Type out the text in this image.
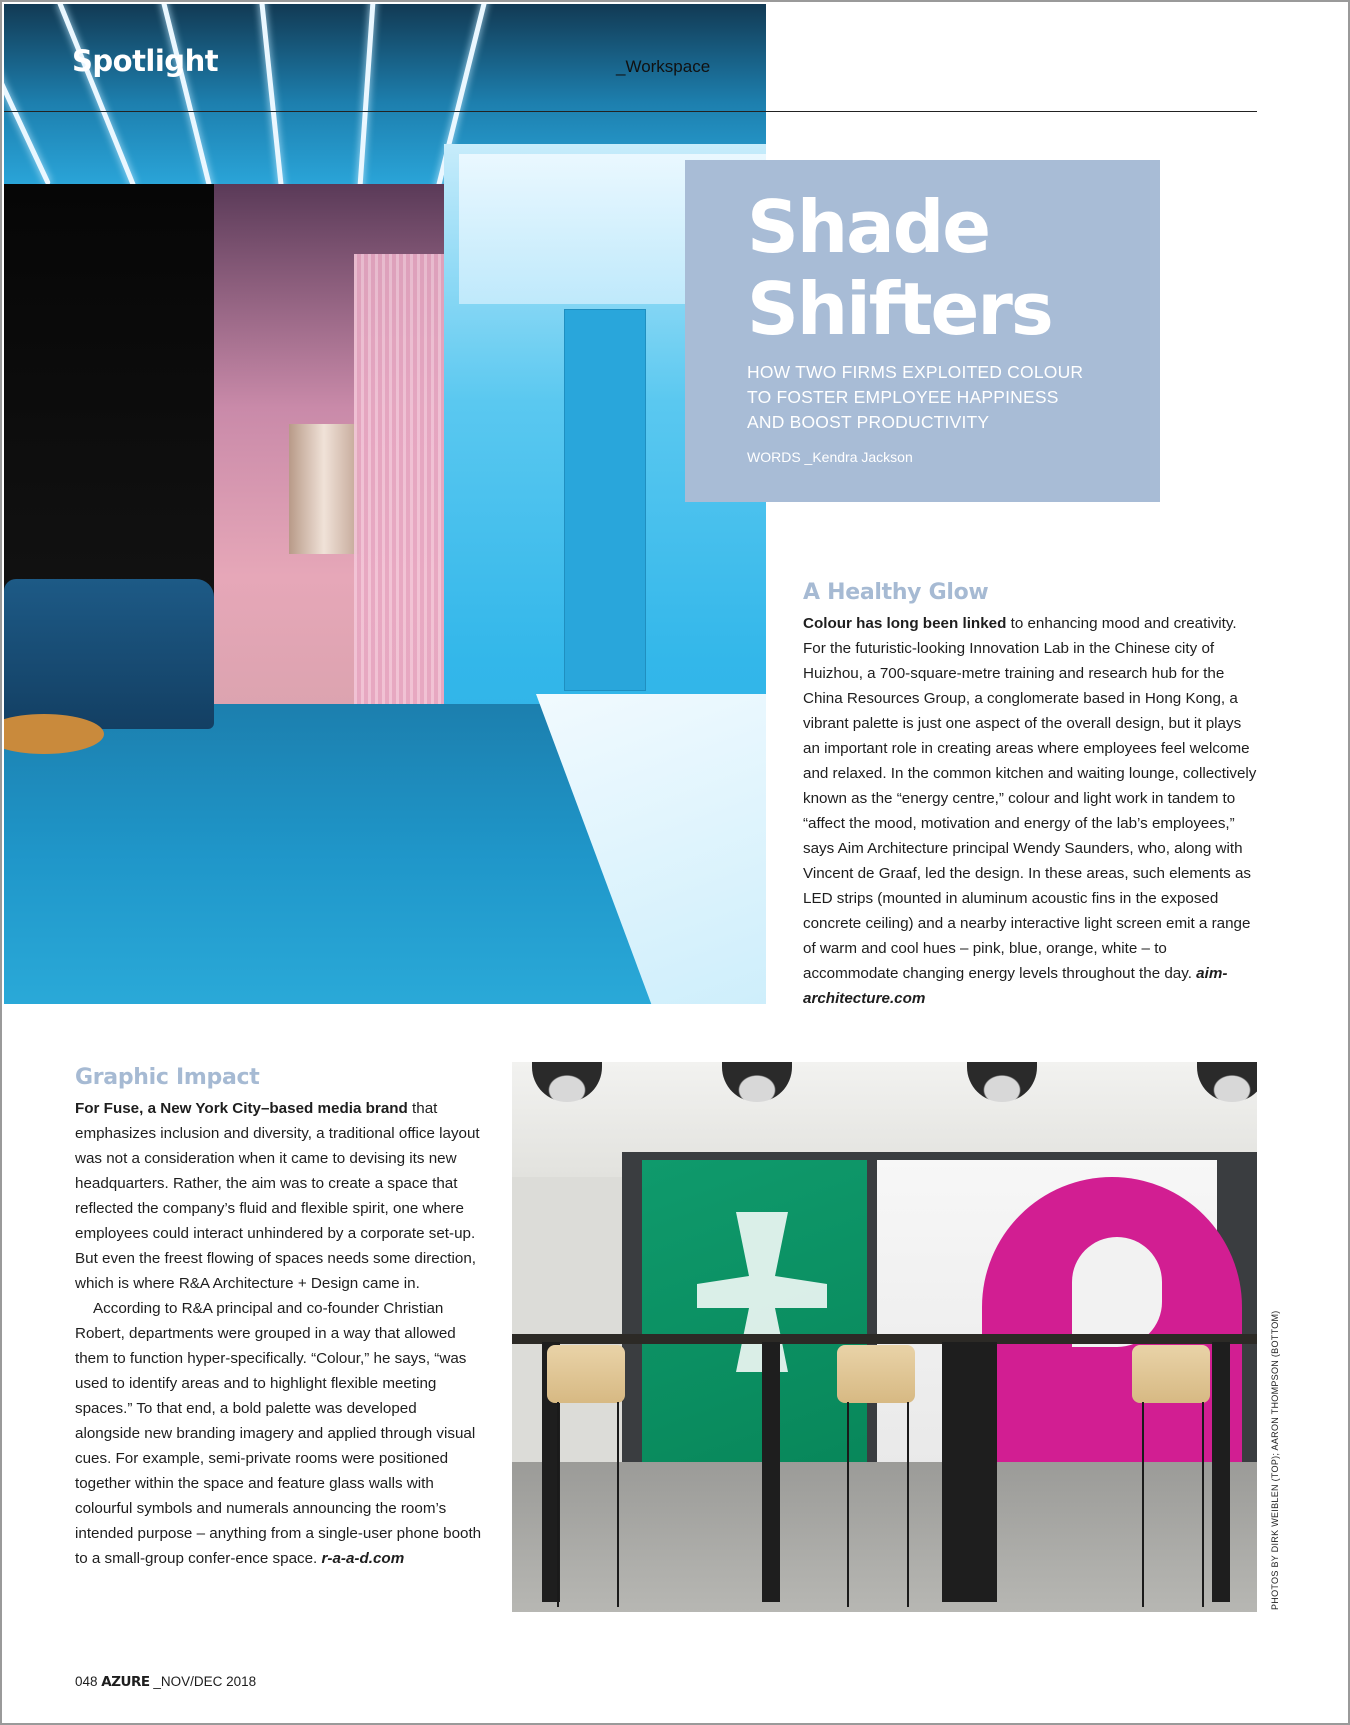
Spotlight	_Workspace
Shade
Shifters
HOW TWO FIRMS EXPLOITED COLOUR
TO FOSTER EMPLOYEE HAPPINESS
AND BOOST PRODUCTIVITY
WORDS _Kendra Jackson
A Healthy Glow

Colour has long been linked to enhancing mood and creativity. For the futuristic-looking Innovation Lab in the Chinese city of Huizhou, a 700-square-metre training and research hub for the China Resources Group, a conglomerate based in Hong Kong, a vibrant palette is just one aspect of the overall design, but it plays an important role in creating areas where employees feel welcome and relaxed. In the common kitchen and waiting lounge, collectively known as the “energy centre,” colour and light work in tandem to “affect the mood, motivation and energy of the lab’s employees,” says Aim Architecture principal Wendy Saunders, who, along with Vincent de Graaf, led the design. In these areas, such elements as LED strips (mounted in aluminum acoustic fins in the exposed concrete ceiling) and a nearby interactive light screen emit a range of warm and cool hues – pink, blue, orange, white – to accommodate changing energy levels throughout the day. aim-architecture.com

Graphic Impact

For Fuse, a New York City–based media brand that emphasizes inclusion and diversity, a traditional office layout was not a consideration when it came to devising its new headquarters. Rather, the aim was to create a space that reflected the company’s fluid and flexible spirit, one where employees could interact unhindered by a corporate set-up. But even the freest flowing of spaces needs some direction, which is where R&A Architecture + Design came in.

According to R&A principal and co-founder Christian Robert, departments were grouped in a way that allowed them to function hyper-specifically. “Colour,” he says, “was used to identify areas and to highlight flexible meeting spaces.” To that end, a bold palette was developed alongside new branding imagery and applied through visual cues. For example, semi-private rooms were positioned together within the space and feature glass walls with colourful symbols and numerals announcing the room’s intended purpose – anything from a single-user phone booth to a small-group confer-ence space. r-a-a-d.com	PHOTOS BY DIRK WEIBLEN (TOP); AARON THOMPSON (BOTTOM)
048 AZURE _NOV/DEC 2018
